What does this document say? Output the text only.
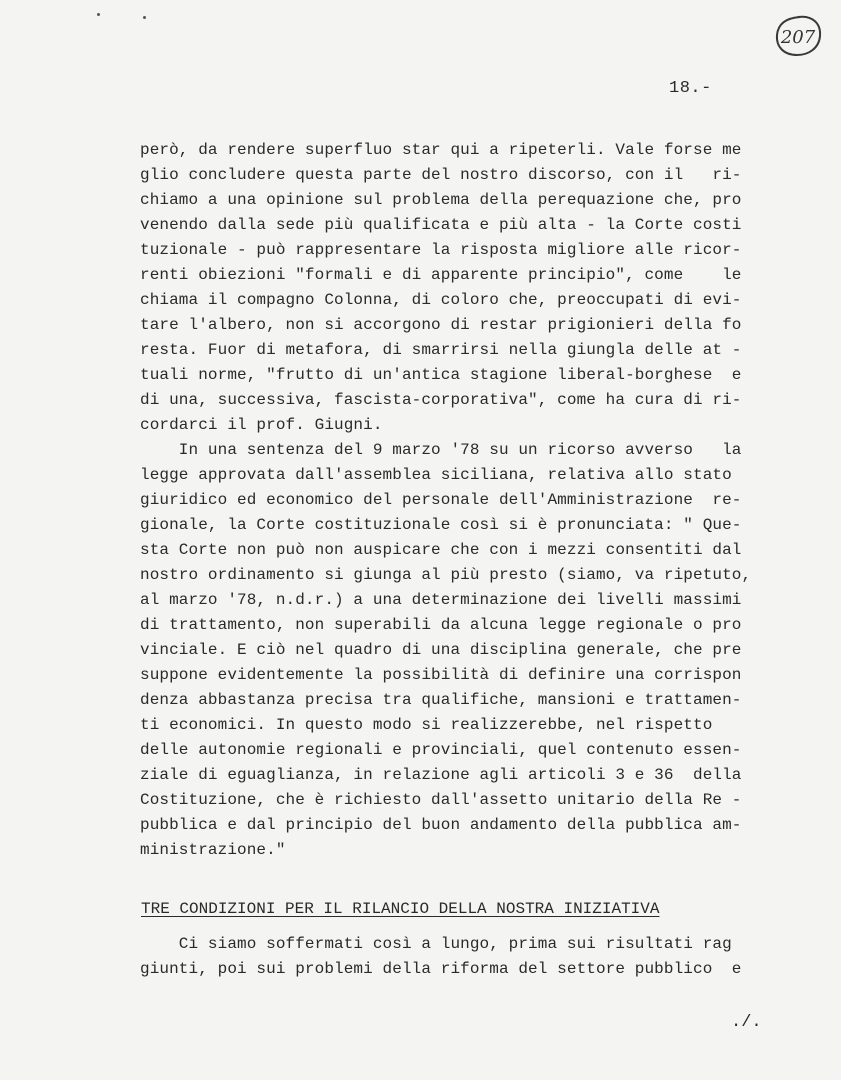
207
18.-
però, da rendere superfluo star qui a ripeterli. Vale forse me
glio concludere questa parte del nostro discorso, con il   ri-
chiamo a una opinione sul problema della perequazione che, pro
venendo dalla sede più qualificata e più alta - la Corte costi
tuzionale - può rappresentare la risposta migliore alle ricor-
renti obiezioni "formali e di apparente principio", come    le
chiama il compagno Colonna, di coloro che, preoccupati di evi-
tare l'albero, non si accorgono di restar prigionieri della fo
resta. Fuor di metafora, di smarrirsi nella giungla delle at -
tuali norme, "frutto di un'antica stagione liberal-borghese  e
di una, successiva, fascista-corporativa", come ha cura di ri-
cordarci il prof. Giugni.
In una sentenza del 9 marzo '78 su un ricorso avverso   la
legge approvata dall'assemblea siciliana, relativa allo stato
giuridico ed economico del personale dell'Amministrazione  re-
gionale, la Corte costituzionale così si è pronunciata: " Que-
sta Corte non può non auspicare che con i mezzi consentiti dal
nostro ordinamento si giunga al più presto (siamo, va ripetuto,
al marzo '78, n.d.r.) a una determinazione dei livelli massimi
di trattamento, non superabili da alcuna legge regionale o pro
vinciale. E ciò nel quadro di una disciplina generale, che pre
suppone evidentemente la possibilità di definire una corrispon
denza abbastanza precisa tra qualifiche, mansioni e trattamen-
ti economici. In questo modo si realizzerebbe, nel rispetto
delle autonomie regionali e provinciali, quel contenuto essen-
ziale di eguaglianza, in relazione agli articoli 3 e 36  della
Costituzione, che è richiesto dall'assetto unitario della Re -
pubblica e dal principio del buon andamento della pubblica am-
ministrazione."
TRE CONDIZIONI PER IL RILANCIO DELLA NOSTRA INIZIATIVA
Ci siamo soffermati così a lungo, prima sui risultati rag
giunti, poi sui problemi della riforma del settore pubblico  e
./.
